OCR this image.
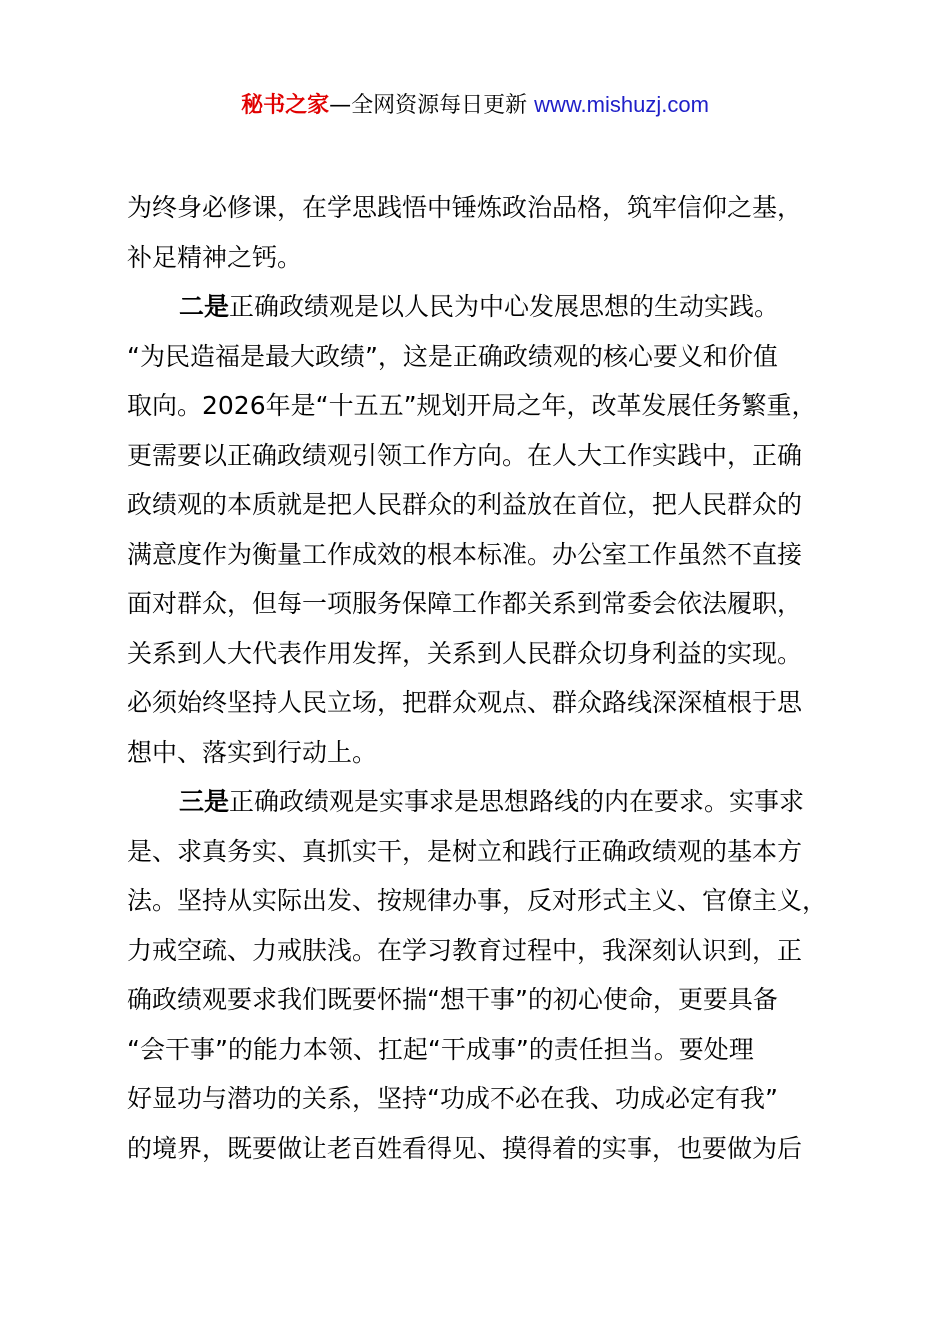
秘书之家—全网资源每日更新 www.mishuzj.com
为终身必修课，在学思践悟中锤炼政治品格，筑牢信仰之基，
补足精神之钙。
二是正确政绩观是以人民为中心发展思想的生动实践。
“为民造福是最大政绩”，这是正确政绩观的核心要义和价值
取向。2026年是“十五五”规划开局之年，改革发展任务繁重，
更需要以正确政绩观引领工作方向。在人大工作实践中，正确
政绩观的本质就是把人民群众的利益放在首位，把人民群众的
满意度作为衡量工作成效的根本标准。办公室工作虽然不直接
面对群众，但每一项服务保障工作都关系到常委会依法履职，
关系到人大代表作用发挥，关系到人民群众切身利益的实现。
必须始终坚持人民立场，把群众观点、群众路线深深植根于思
想中、落实到行动上。
三是正确政绩观是实事求是思想路线的内在要求。实事求
是、求真务实、真抓实干，是树立和践行正确政绩观的基本方
法。坚持从实际出发、按规律办事，反对形式主义、官僚主义，
力戒空疏、力戒肤浅。在学习教育过程中，我深刻认识到，正
确政绩观要求我们既要怀揣“想干事”的初心使命，更要具备
“会干事”的能力本领、扛起“干成事”的责任担当。要处理
好显功与潜功的关系，坚持“功成不必在我、功成必定有我”
的境界，既要做让老百姓看得见、摸得着的实事，也要做为后
